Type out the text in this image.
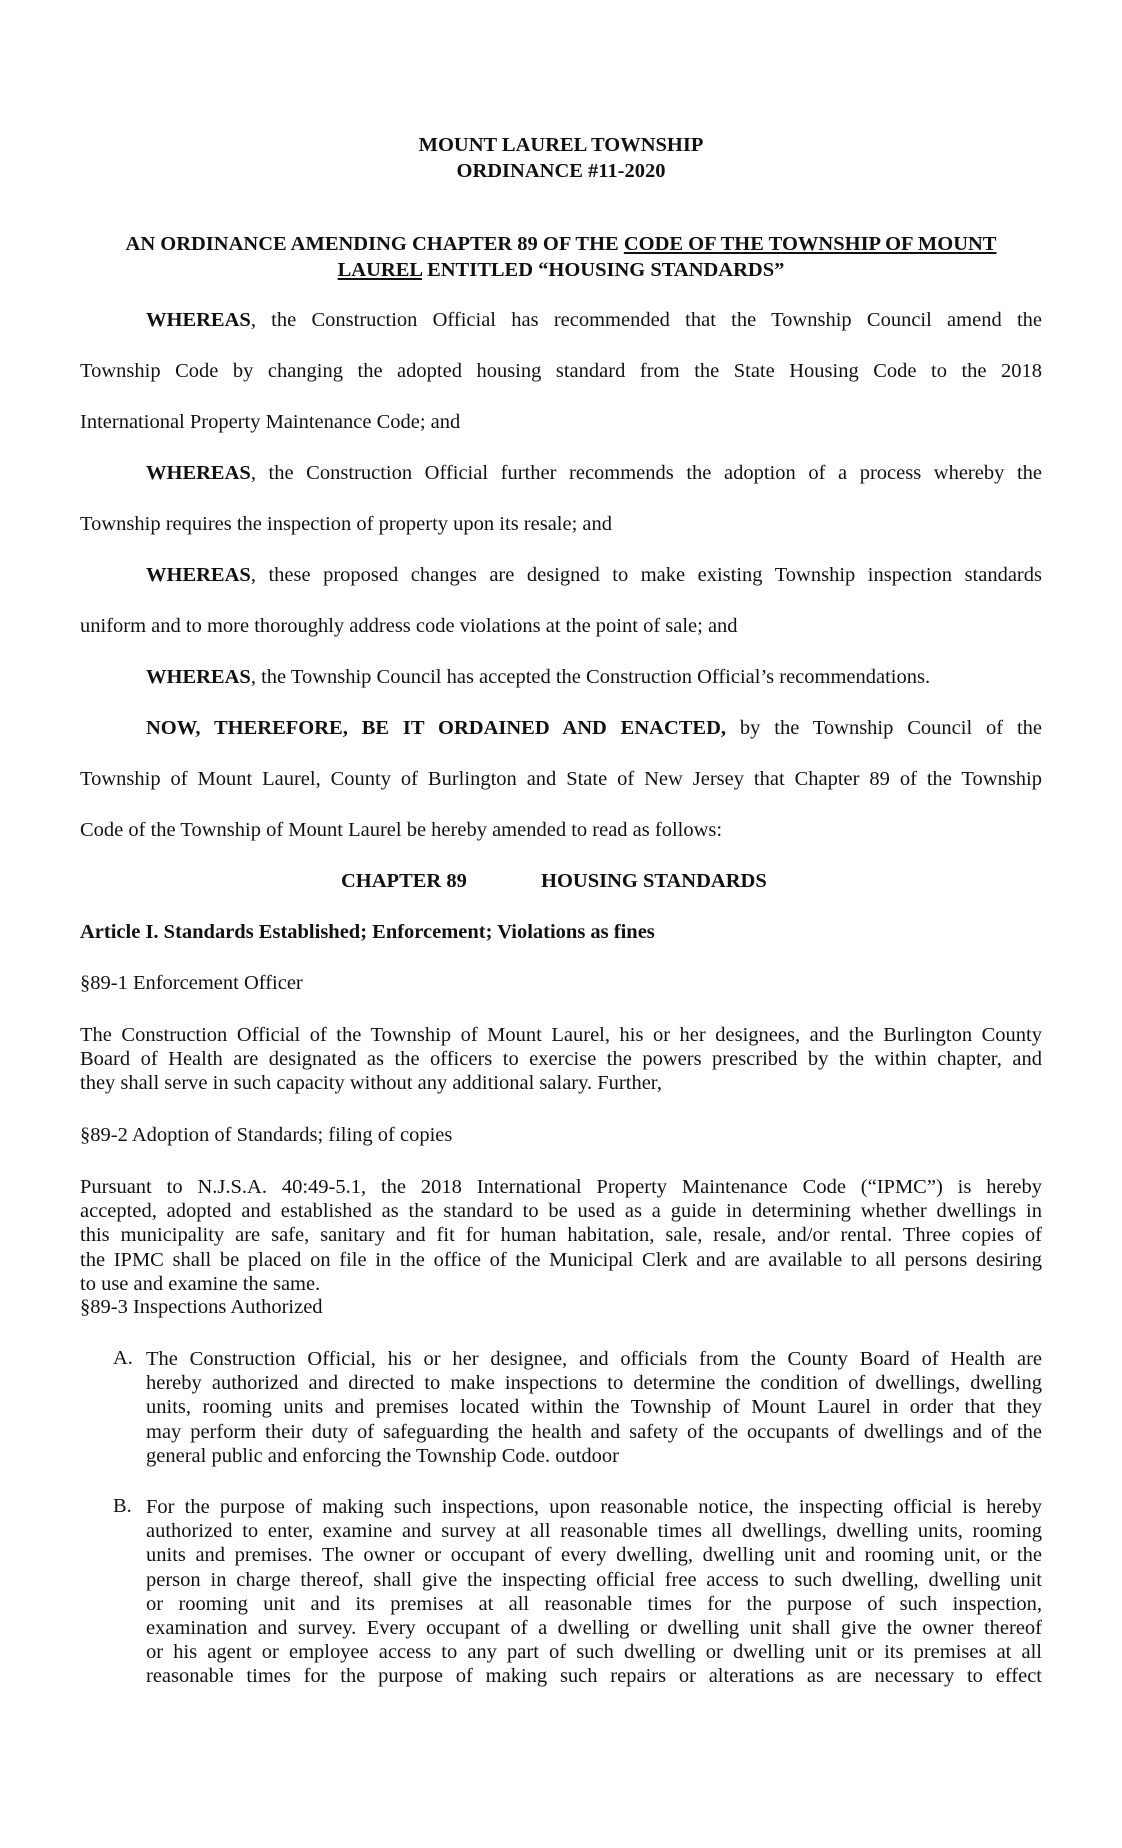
MOUNT LAUREL TOWNSHIP
ORDINANCE #11-2020
AN ORDINANCE AMENDING CHAPTER 89 OF THE CODE OF THE TOWNSHIP OF MOUNT
LAUREL ENTITLED “HOUSING STANDARDS”
WHEREAS, the Construction Official has recommended that the Township Council amend the
Township Code by changing the adopted housing standard from the State Housing Code to the 2018
International Property Maintenance Code; and
WHEREAS, the Construction Official further recommends the adoption of a process whereby the
Township requires the inspection of property upon its resale; and
WHEREAS, these proposed changes are designed to make existing Township inspection standards
uniform and to more thoroughly address code violations at the point of sale; and
WHEREAS, the Township Council has accepted the Construction Official’s recommendations.
NOW, THEREFORE, BE IT ORDAINED AND ENACTED, by the Township Council of the
Township of Mount Laurel, County of Burlington and State of New Jersey that Chapter 89 of the Township
Code of the Township of Mount Laurel be hereby amended to read as follows:
CHAPTER 89	HOUSING STANDARDS
Article I. Standards Established; Enforcement; Violations as fines
§89-1 Enforcement Officer
The Construction Official of the Township of Mount Laurel, his or her designees, and the Burlington County
Board of Health are designated as the officers to exercise the powers prescribed by the within chapter, and
they shall serve in such capacity without any additional salary. Further,
§89-2 Adoption of Standards; filing of copies
Pursuant to N.J.S.A. 40:49-5.1, the 2018 International Property Maintenance Code (“IPMC”) is hereby
accepted, adopted and established as the standard to be used as a guide in determining whether dwellings in
this municipality are safe, sanitary and fit for human habitation, sale, resale, and/or rental. Three copies of
the IPMC shall be placed on file in the office of the Municipal Clerk and are available to all persons desiring
to use and examine the same.
§89-3 Inspections Authorized
A. The Construction Official, his or her designee, and officials from the County Board of Health are
hereby authorized and directed to make inspections to determine the condition of dwellings, dwelling
units, rooming units and premises located within the Township of Mount Laurel in order that they
may perform their duty of safeguarding the health and safety of the occupants of dwellings and of the
general public and enforcing the Township Code. outdoor
B. For the purpose of making such inspections, upon reasonable notice, the inspecting official is hereby
authorized to enter, examine and survey at all reasonable times all dwellings, dwelling units, rooming
units and premises. The owner or occupant of every dwelling, dwelling unit and rooming unit, or the
person in charge thereof, shall give the inspecting official free access to such dwelling, dwelling unit
or rooming unit and its premises at all reasonable times for the purpose of such inspection,
examination and survey. Every occupant of a dwelling or dwelling unit shall give the owner thereof
or his agent or employee access to any part of such dwelling or dwelling unit or its premises at all
reasonable times for the purpose of making such repairs or alterations as are necessary to effect
